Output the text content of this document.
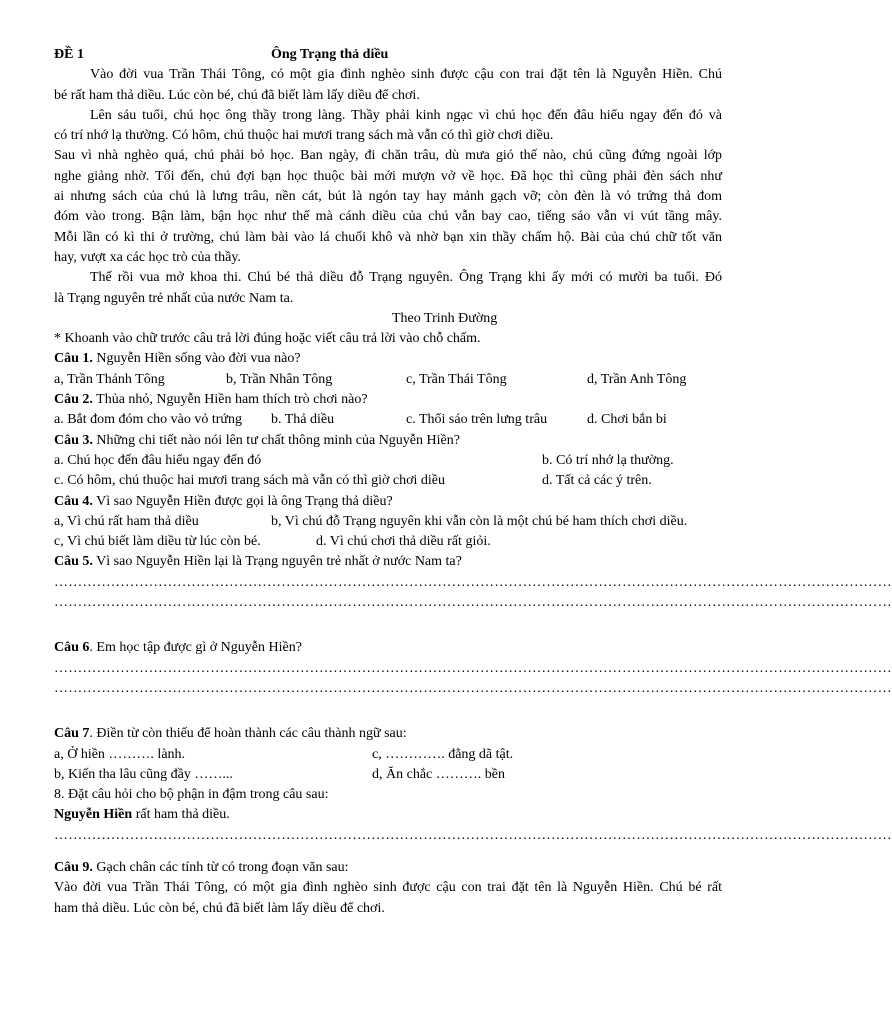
ĐỀ 1	Ông Trạng thả diều
Vào đời vua Trần Thái Tông, có một gia đình nghèo sinh được cậu con trai đặt tên là Nguyễn Hiền. Chú
bé rất ham thả diều. Lúc còn bé, chú đã biết làm lấy diều để chơi.
Lên sáu tuổi, chú học ông thầy trong làng. Thầy phải kinh ngạc vì chú học đến đâu hiểu ngay đến đó và
có trí nhớ lạ thường. Có hôm, chú thuộc hai mươi trang sách mà vẫn có thì giờ chơi diều.
Sau vì nhà nghèo quá, chú phải bỏ học. Ban ngày, đi chăn trâu, dù mưa gió thế nào, chú cũng đứng ngoài lớp
nghe giảng nhờ. Tối đến, chú đợi bạn học thuộc bài mới mượn vở về học. Đã học thì cũng phải đèn sách như
ai nhưng sách của chú là lưng trâu, nền cát, bút là ngón tay hay mảnh gạch vỡ; còn đèn là vỏ trứng thả đom
đóm vào trong. Bận làm, bận học như thế mà cánh diều của chú vẫn bay cao, tiếng sáo vẫn vi vút tầng mây.
Mỗi lần có kì thi ở trường, chú làm bài vào lá chuối khô và nhờ bạn xin thầy chấm hộ. Bài của chú chữ tốt văn
hay, vượt xa các học trò của thầy.
Thế rồi vua mở khoa thi. Chú bé thả diều đỗ Trạng nguyên. Ông Trạng khi ấy mới có mười ba tuổi. Đó
là Trạng nguyên trẻ nhất của nước Nam ta.
Theo Trinh Đường
* Khoanh vào chữ trước câu trả lời đúng hoặc viết câu trả lời vào chỗ chấm.
Câu 1. Nguyễn Hiền sống vào đời vua nào?
a, Trần Thánh Tông	b, Trần Nhân Tông	c, Trần Thái Tông	d, Trần Anh Tông
Câu 2. Thủa nhỏ, Nguyễn Hiền ham thích trò chơi nào?
a. Bắt đom đóm cho vào vỏ trứng b. Thả diều	c. Thổi sáo trên lưng trâu	d. Chơi bắn bi
Câu 3. Những chi tiết nào nói lên tư chất thông minh của Nguyễn Hiền?
a. Chú học đến đâu hiểu ngay đến đó	b. Có trí nhớ lạ thường.
c. Có hôm, chú thuộc hai mươi trang sách mà vẫn có thì giờ chơi diều	d. Tất cả các ý trên.
Câu 4. Vì sao Nguyễn Hiền được gọi là ông Trạng thả diều?
a, Vì chú rất ham thả diều	b, Vì chú đỗ Trạng nguyên khi vẫn còn là một chú bé ham thích chơi diều.
c, Vì chú biết làm diều từ lúc còn bé.	d. Vì chú chơi thả diều rất giỏi.
Câu 5. Vì sao Nguyễn Hiền lại là Trạng nguyên trẻ nhất ở nước Nam ta?
……………………………………………………………………………………………………………………………………………………………
……………………………………………………………………………………………………………………………………………………………
Câu 6. Em học tập được gì ở Nguyễn Hiền?
……………………………………………………………………………………………………………………………………………………………
……………………………………………………………………………………………………………………………………………………………
Câu 7. Điền từ còn thiếu để hoàn thành các câu thành ngữ sau:
a, Ở hiền ………. lành.	c, …………. đằng dã tật.
b, Kiến tha lâu cũng đầy ……...	d, Ăn chắc ………. bền
8. Đặt câu hỏi cho bộ phận in đậm trong câu sau:
Nguyễn Hiền rất ham thả diều.
……………………………………………………………………………………………………………………………………………………………
Câu 9. Gạch chân các tính từ có trong đoạn văn sau:
Vào đời vua Trần Thái Tông, có một gia đình nghèo sinh được cậu con trai đặt tên là Nguyễn Hiền. Chú bé rất
ham thả diều. Lúc còn bé, chú đã biết làm lấy diều để chơi.
